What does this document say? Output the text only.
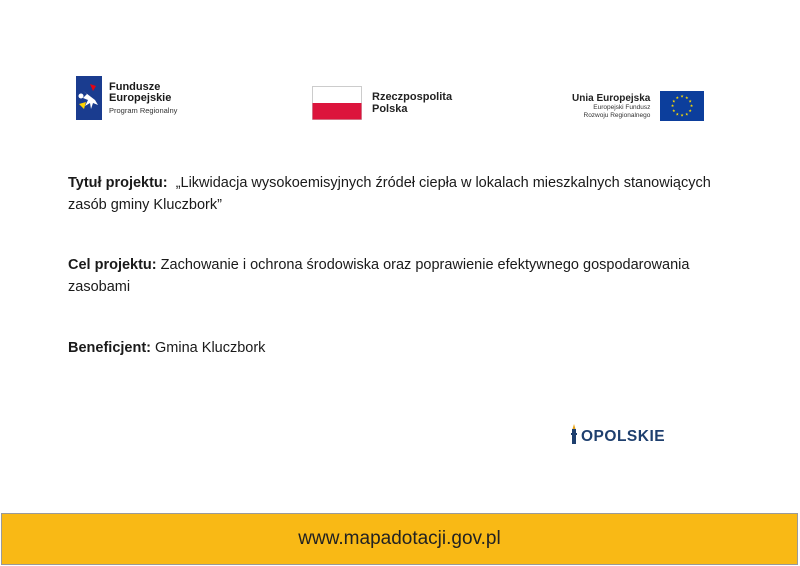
Fundusze
Europejskie
Program Regionalny
Rzeczpospolita
Polska
Unia Europejska
Europejski Fundusz
Rozwoju Regionalnego
★ ★
★
★
★
★
★
★
★
★
★
★
Tytuł projektu: „Likwidacja wysokoemisyjnych źródeł ciepła w lokalach mieszkalnych stanowiących zasób gminy Kluczbork”
Cel projektu: Zachowanie i ochrona środowiska oraz poprawienie efektywnego gospodarowania zasobami
Beneficjent: Gmina Kluczbork
OPOLSKIE
www.mapadotacji.gov.pl
